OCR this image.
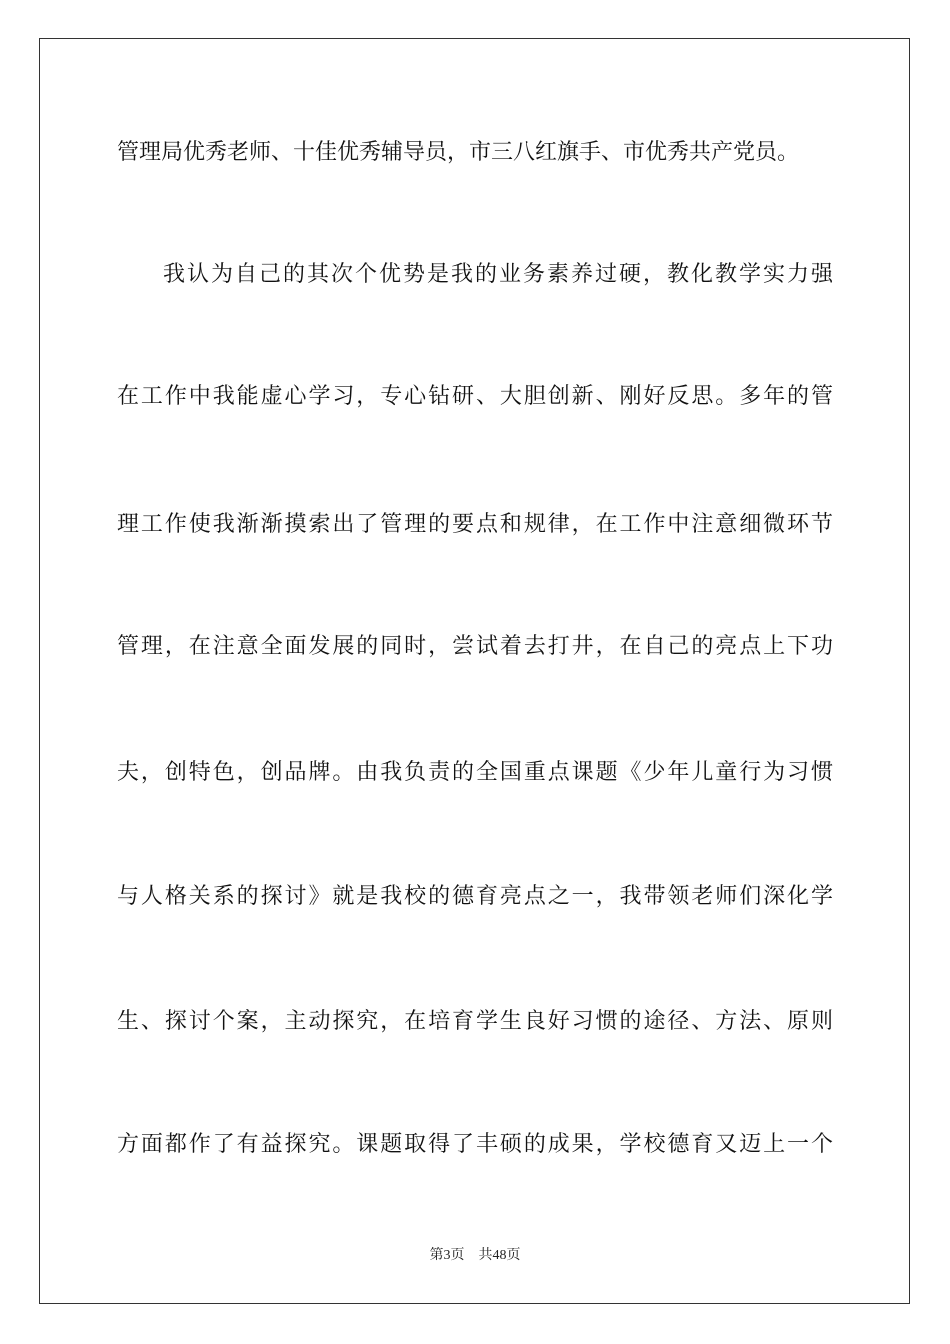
管理局优秀老师、十佳优秀辅导员，市三八红旗手、市优秀共产党员。
我认为自己的其次个优势是我的业务素养过硬，教化教学实力强
在工作中我能虚心学习，专心钻研、大胆创新、刚好反思。多年的管
理工作使我渐渐摸索出了管理的要点和规律，在工作中注意细微环节
管理，在注意全面发展的同时，尝试着去打井，在自己的亮点上下功
夫，创特色，创品牌。由我负责的全国重点课题《少年儿童行为习惯
与人格关系的探讨》就是我校的德育亮点之一，我带领老师们深化学
生、探讨个案，主动探究，在培育学生良好习惯的途径、方法、原则
方面都作了有益探究。课题取得了丰硕的成果，学校德育又迈上一个
第3页 共48页
